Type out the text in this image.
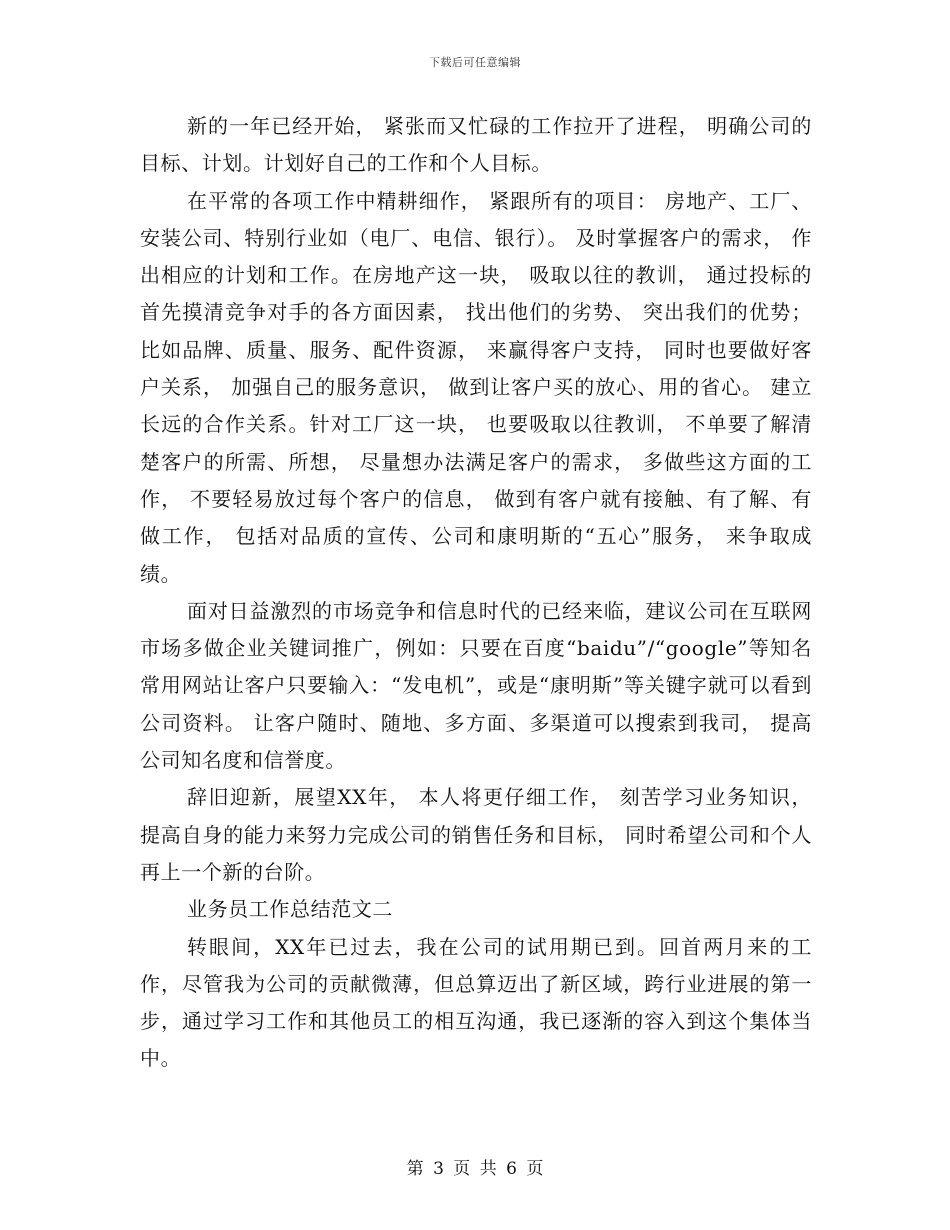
下载后可任意编辑

新的一年已经开始， 紧张而又忙碌的工作拉开了进程， 明确公司的目标、计划。计划好自己的工作和个人目标。

在平常的各项工作中精耕细作， 紧跟所有的项目： 房地产、工厂、安装公司、特别行业如（电厂、电信、银行）。 及时掌握客户的需求， 作出相应的计划和工作。在房地产这一块， 吸取以往的教训， 通过投标的首先摸清竞争对手的各方面因素， 找出他们的劣势、 突出我们的优势； 比如品牌、质量、服务、配件资源， 来赢得客户支持， 同时也要做好客户关系， 加强自己的服务意识， 做到让客户买的放心、用的省心。 建立长远的合作关系。针对工厂这一块， 也要吸取以往教训， 不单要了解清楚客户的所需、所想， 尽量想办法满足客户的需求， 多做些这方面的工作， 不要轻易放过每个客户的信息， 做到有客户就有接触、有了解、有做工作， 包括对品质的宣传、公司和康明斯的“五心”服务， 来争取成绩。

面对日益激烈的市场竞争和信息时代的已经来临，建议公司在互联网市场多做企业关键词推广，例如：只要在百度“baidu”/“google”等知名常用网站让客户只要输入：“发电机”，或是“康明斯”等关键字就可以看到公司资料。 让客户随时、随地、多方面、多渠道可以搜索到我司， 提高公司知名度和信誉度。

辞旧迎新，展望XX年， 本人将更仔细工作， 刻苦学习业务知识， 提高自身的能力来努力完成公司的销售任务和目标， 同时希望公司和个人再上一个新的台阶。

业务员工作总结范文二

转眼间，XX年已过去，我在公司的试用期已到。回首两月来的工作，尽管我为公司的贡献微薄，但总算迈出了新区域，跨行业进展的第一步，通过学习工作和其他员工的相互沟通，我已逐渐的容入到这个集体当中。

第 3 页 共 6 页
